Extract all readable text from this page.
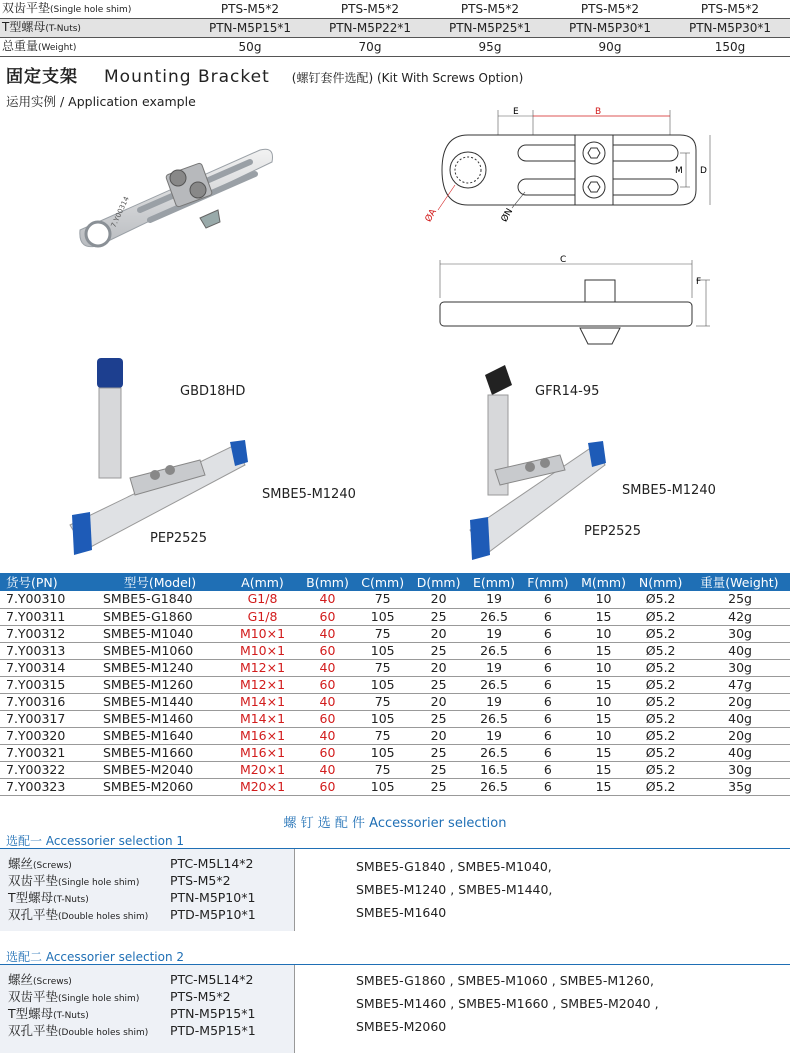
双齿平垫(Single hole shim)	PTS-M5*2	PTS-M5*2	PTS-M5*2	PTS-M5*2	PTS-M5*2
T型螺母(T-Nuts)	PTN-M5P15*1	PTN-M5P22*1	PTN-M5P25*1	PTN-M5P30*1	PTN-M5P30*1
总重量(Weight)	50g	70g	95g	90g	150g
固定支架 Mounting Bracket (螺钉套件选配) (Kit With Screws Option)
运用实例 / Application example
7.Y00314
E	B
M D
ØA	ØN
C
F
GBD18HD
SMBE5-M1240
PEP2525
GFR14-95
SMBE5-M1240
PEP2525
货号(PN)	型号(Model)	A(mm)	B(mm)	C(mm)	D(mm)	E(mm)	F(mm)	M(mm)	N(mm)	重量(Weight)
7.Y00310	SMBE5-G1840	G1/8	40	75	20	19	6	10	Ø5.2	25g
7.Y00311	SMBE5-G1860	G1/8	60	105	25	26.5	6	15	Ø5.2	42g
7.Y00312	SMBE5-M1040	M10×1	40	75	20	19	6	10	Ø5.2	30g
7.Y00313	SMBE5-M1060	M10×1	60	105	25	26.5	6	15	Ø5.2	40g
7.Y00314	SMBE5-M1240	M12×1	40	75	20	19	6	10	Ø5.2	30g
7.Y00315	SMBE5-M1260	M12×1	60	105	25	26.5	6	15	Ø5.2	47g
7.Y00316	SMBE5-M1440	M14×1	40	75	20	19	6	10	Ø5.2	20g
7.Y00317	SMBE5-M1460	M14×1	60	105	25	26.5	6	15	Ø5.2	40g
7.Y00320	SMBE5-M1640	M16×1	40	75	20	19	6	10	Ø5.2	20g
7.Y00321	SMBE5-M1660	M16×1	60	105	25	26.5	6	15	Ø5.2	40g
7.Y00322	SMBE5-M2040	M20×1	40	75	25	16.5	6	15	Ø5.2	30g
7.Y00323	SMBE5-M2060	M20×1	60	105	25	26.5	6	15	Ø5.2	35g
螺 钉 选 配 件 Accessorier selection
选配一 Accessorier selection 1
螺丝(Screws)	PTC-M5L14*2
双齿平垫(Single hole shim)	PTS-M5*2
T型螺母(T-Nuts)	PTN-M5P10*1
双孔平垫(Double holes shim)	PTD-M5P10*1
SMBE5-G1840 , SMBE5-M1040,
SMBE5-M1240 , SMBE5-M1440,
SMBE5-M1640
选配二 Accessorier selection 2
螺丝(Screws)	PTC-M5L14*2
双齿平垫(Single hole shim)	PTS-M5*2
T型螺母(T-Nuts)	PTN-M5P15*1
双孔平垫(Double holes shim)	PTD-M5P15*1
SMBE5-G1860 , SMBE5-M1060 , SMBE5-M1260,
SMBE5-M1460 , SMBE5-M1660 , SMBE5-M2040 ,
SMBE5-M2060
